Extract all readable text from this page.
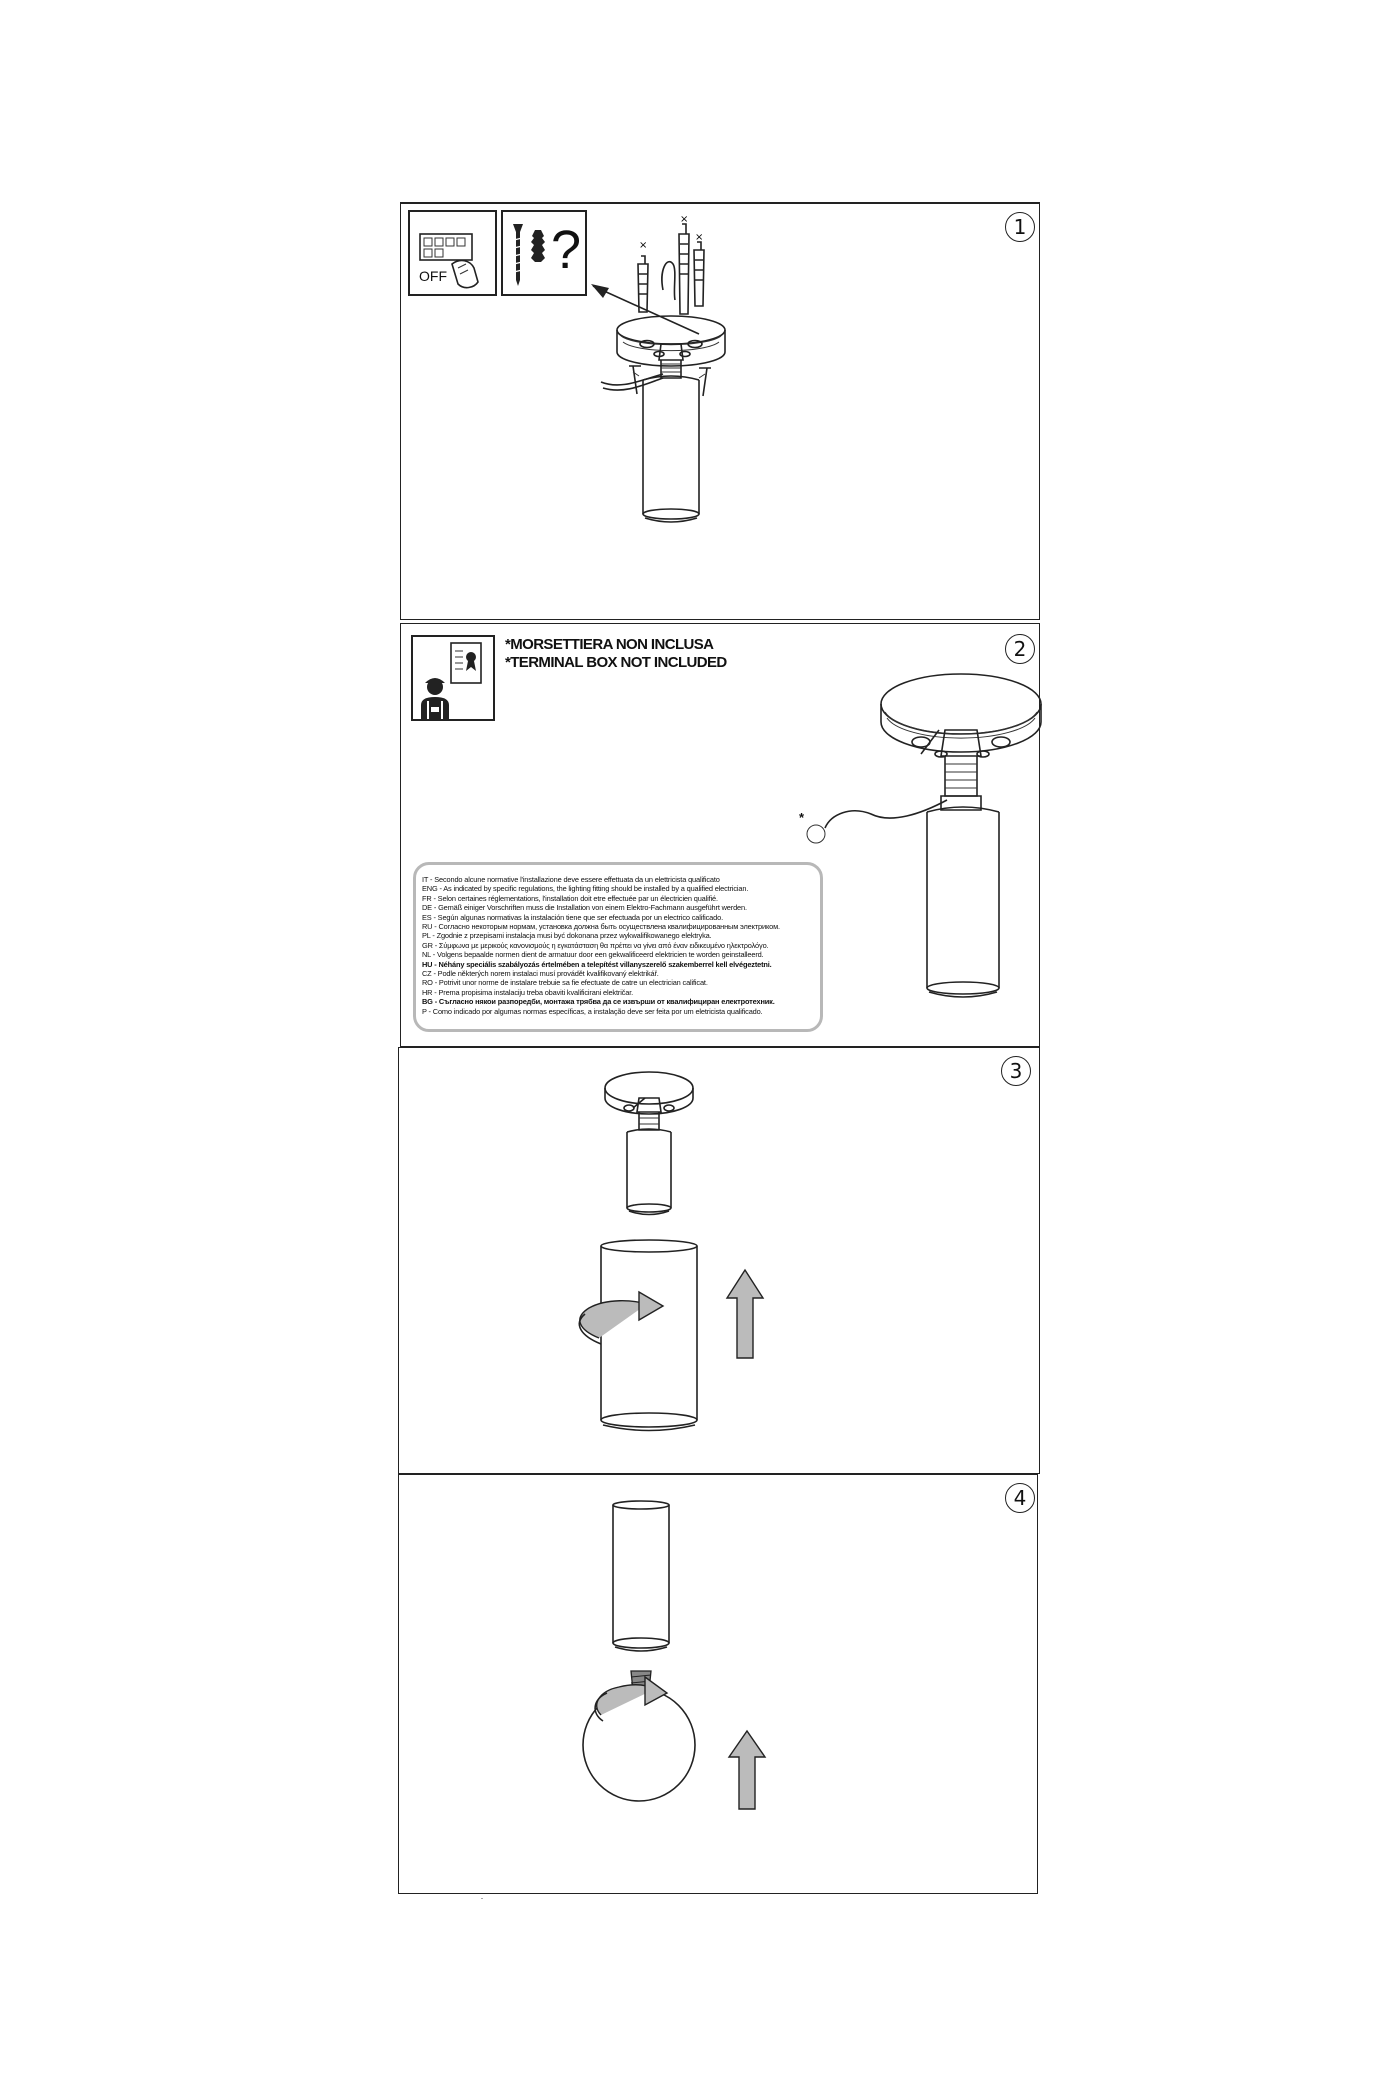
1
OFF ?	×
×
×
2
*MORSETTIERA NON INCLUSA
*TERMINAL BOX NOT INCLUDED
*
IT - Secondo alcune normative l'installazione deve essere effettuata da un elettricista qualificato
ENG - As indicated by specific regulations, the lighting fitting should be installed by a qualified electrician.
FR - Selon certaines réglementations, l'installation doit etre effectuée par un électricien qualifié.
DE - Gemäß einiger Vorschriften muss die Installation von einem Elektro-Fachmann ausgeführt werden.
ES - Según algunas normativas la instalación tiene que ser efectuada por un electrico calificado.
RU - Согласно некоторым нормам, установка должна быть осуществлена квалифицированным электриком.
PL - Zgodnie z przepisami instalacja musi być dokonana przez wykwalifikowanego elektryka.
GR - Σύμφωνα με μερικούς κανονισμούς η εγκατάσταση θα πρέπει να γίνει από έναν ειδικευμένο ηλεκτρολόγο.
NL - Volgens bepaalde normen dient de armatuur door een gekwalificeerd elektricien te worden geinstalleerd.
HU - Néhány speciális szabályozás értelmében a telepítést villanyszerelő szakemberrel kell elvégeztetni.
CZ - Podle některých norem instalaci musí provádět kvalifikovaný elektrikář.
RO - Potrivit unor norme de instalare trebuie sa fie efectuate de catre un electrician calificat.
HR - Prema propisima instalaciju treba obaviti kvalificirani električar.
BG - Съгласно някои разпоредби, монтажа трябва да се извърши от квалифициран електротехник.
P - Como indicado por algumas normas específicas, a instalação deve ser feita por um eletricista qualificado.
3
4
-
